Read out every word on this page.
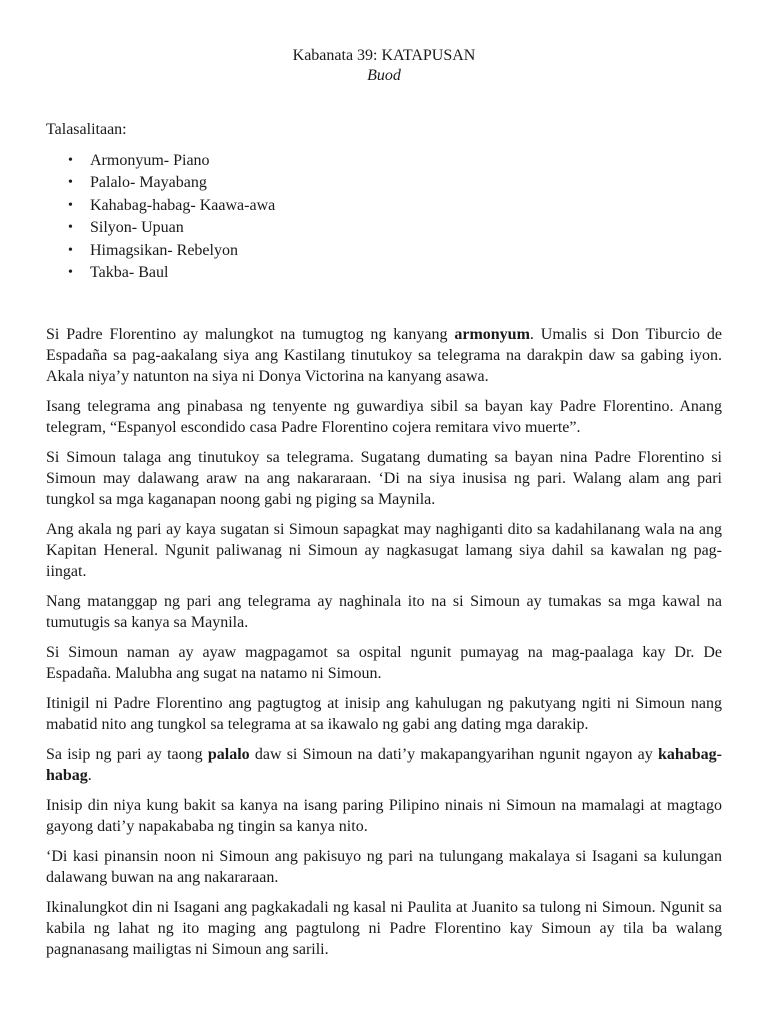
Kabanata 39: KATAPUSAN

Buod

Talasalitaan:

• Armonyum- Piano
• Palalo- Mayabang
• Kahabag-habag- Kaawa-awa
• Silyon- Upuan
• Himagsikan- Rebelyon
• Takba- Baul

Si Padre Florentino ay malungkot na tumugtog ng kanyang armonyum. Umalis si Don Tiburcio de Espadaña sa pag-aakalang siya ang Kastilang tinutukoy sa telegrama na darakpin daw sa gabing iyon. Akala niya’y natunton na siya ni Donya Victorina na kanyang asawa.

Isang telegrama ang pinabasa ng tenyente ng guwardiya sibil sa bayan kay Padre Florentino. Anang telegram, “Espanyol escondido casa Padre Florentino cojera remitara vivo muerte”.

Si Simoun talaga ang tinutukoy sa telegrama. Sugatang dumating sa bayan nina Padre Florentino si Simoun may dalawang araw na ang nakararaan. ‘Di na siya inusisa ng pari. Walang alam ang pari tungkol sa mga kaganapan noong gabi ng piging sa Maynila.

Ang akala ng pari ay kaya sugatan si Simoun sapagkat may naghiganti dito sa kadahilanang wala na ang Kapitan Heneral. Ngunit paliwanag ni Simoun ay nagkasugat lamang siya dahil sa kawalan ng pag-iingat.

Nang matanggap ng pari ang telegrama ay naghinala ito na si Simoun ay tumakas sa mga kawal na tumutugis sa kanya sa Maynila.

Si Simoun naman ay ayaw magpagamot sa ospital ngunit pumayag na mag-paalaga kay Dr. De Espadaña. Malubha ang sugat na natamo ni Simoun.

Itinigil ni Padre Florentino ang pagtugtog at inisip ang kahulugan ng pakutyang ngiti ni Simoun nang mabatid nito ang tungkol sa telegrama at sa ikawalo ng gabi ang dating mga darakip.

Sa isip ng pari ay taong palalo daw si Simoun na dati’y makapangyarihan ngunit ngayon ay kahabag-habag.

Inisip din niya kung bakit sa kanya na isang paring Pilipino ninais ni Simoun na mamalagi at magtago gayong dati’y napakababa ng tingin sa kanya nito.

‘Di kasi pinansin noon ni Simoun ang pakisuyo ng pari na tulungang makalaya si Isagani sa kulungan dalawang buwan na ang nakararaan.

Ikinalungkot din ni Isagani ang pagkakadali ng kasal ni Paulita at Juanito sa tulong ni Simoun. Ngunit sa kabila ng lahat ng ito maging ang pagtulong ni Padre Florentino kay Simoun ay tila ba walang pagnanasang mailigtas ni Simoun ang sarili.
